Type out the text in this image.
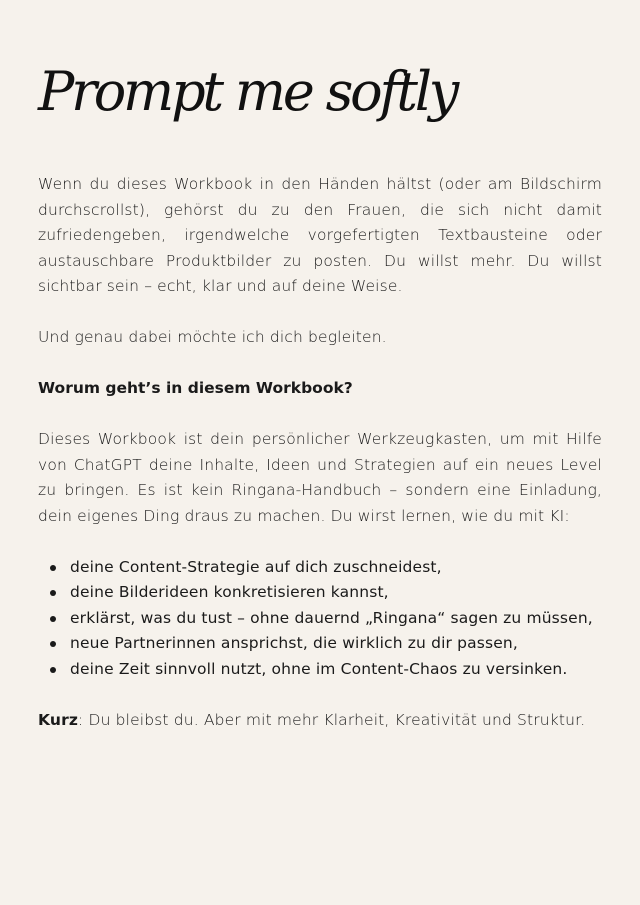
Prompt me softly

Wenn du dieses Workbook in den Händen hältst (oder am Bildschirm durchscrollst), gehörst du zu den Frauen, die sich nicht damit zufriedengeben, irgendwelche vorgefertigten Textbausteine oder austauschbare Produktbilder zu posten. Du willst mehr. Du willst sichtbar sein – echt, klar und auf deine Weise.

Und genau dabei möchte ich dich begleiten.

Worum geht’s in diesem Workbook?

Dieses Workbook ist dein persönlicher Werkzeugkasten, um mit Hilfe von ChatGPT deine Inhalte, Ideen und Strategien auf ein neues Level zu bringen. Es ist kein Ringana-Handbuch – sondern eine Einladung, dein eigenes Ding draus zu machen. Du wirst lernen, wie du mit KI:

deine Content-Strategie auf dich zuschneidest,
deine Bilderideen konkretisieren kannst,
erklärst, was du tust – ohne dauernd „Ringana“ sagen zu müssen,
neue Partnerinnen ansprichst, die wirklich zu dir passen,
deine Zeit sinnvoll nutzt, ohne im Content-Chaos zu versinken.

Kurz: Du bleibst du. Aber mit mehr Klarheit, Kreativität und Struktur.
